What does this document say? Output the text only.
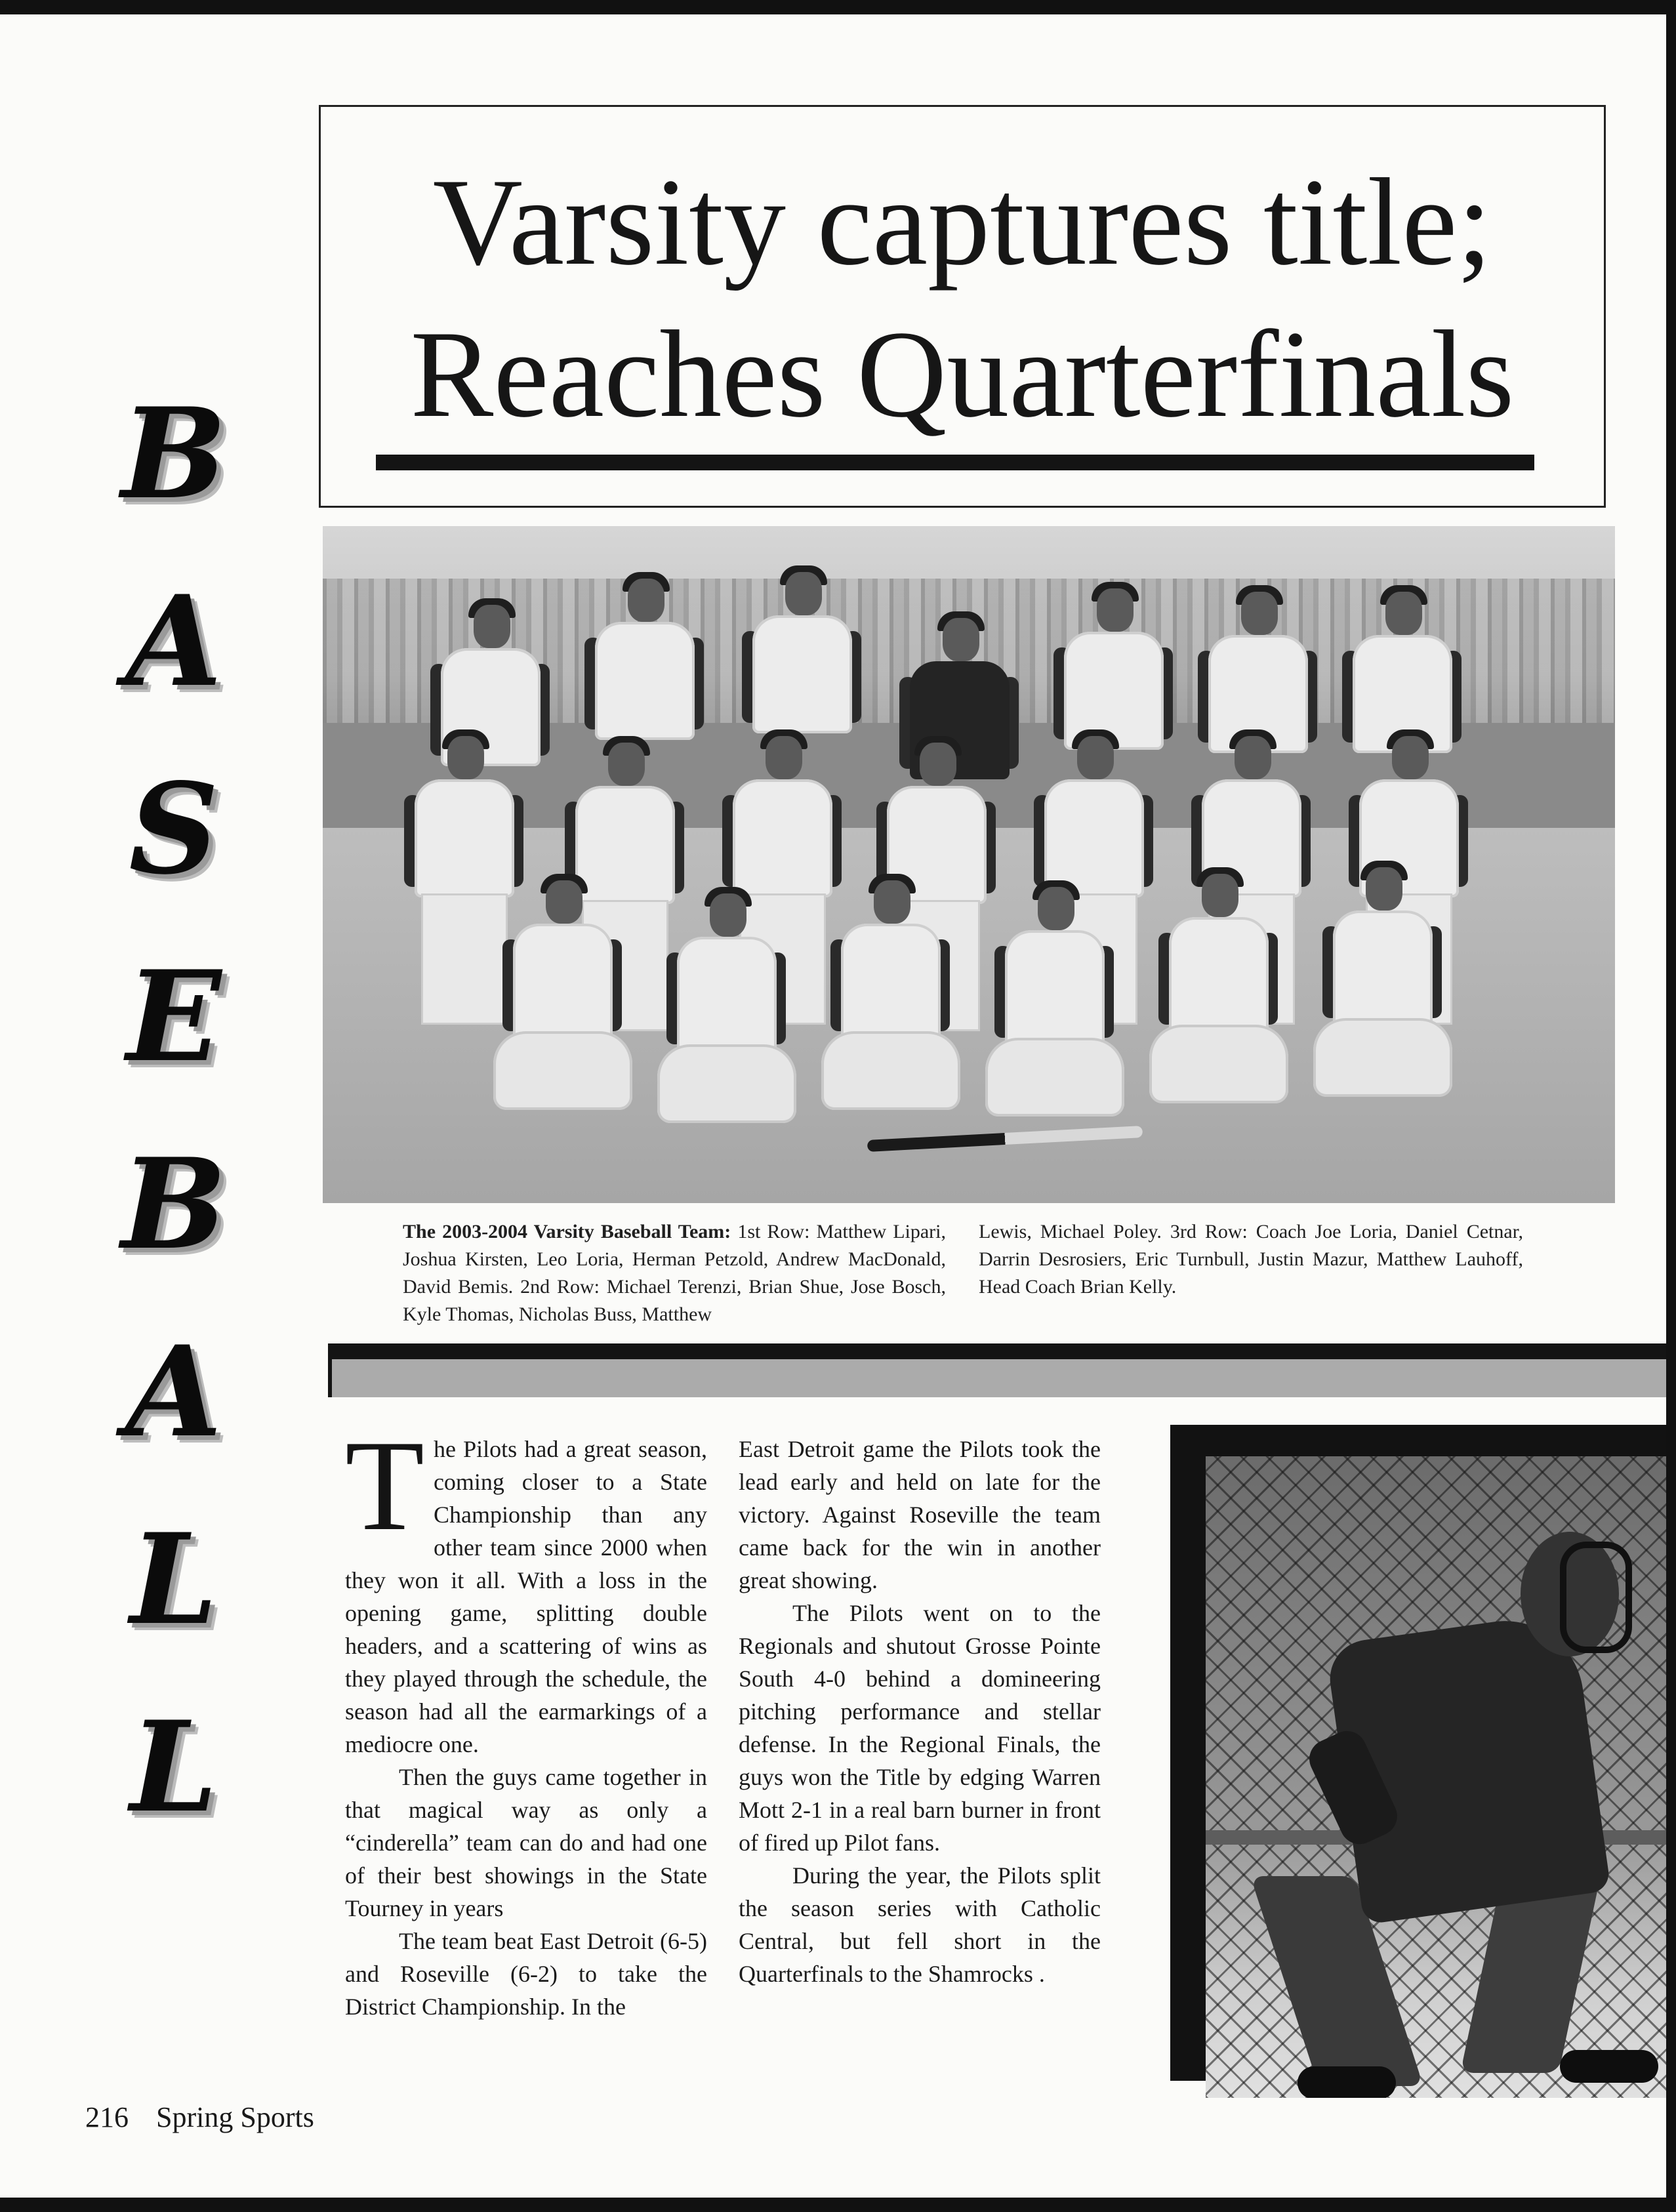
B
A
S
E
B
A
L
L
Varsity captures title;
Reaches Quarterfinals
The 2003-2004 Varsity Baseball Team: 1st Row: Matthew Lipari, Joshua Kirsten, Leo Loria, Herman Petzold, Andrew MacDonald, David Bemis. 2nd Row: Michael Terenzi, Brian Shue, Jose Bosch, Kyle Thomas, Nicholas Buss, Matthew
Lewis, Michael Poley. 3rd Row: Coach Joe Loria, Daniel Cetnar, Darrin Desrosiers, Eric Turnbull, Justin Mazur, Matthew Lauhoff, Head Coach Brian Kelly.

The Pilots had a great season, coming closer to a State Championship than any other team since 2000 when they won it all. With a loss in the opening game, splitting double headers, and a scattering of wins as they played through the schedule, the season had all the earmarkings of a mediocre one.

Then the guys came together in that magical way as only a “cinderella” team can do and had one of their best showings in the State Tourney in years

The team beat East Detroit (6-5) and Roseville (6-2) to take the District Championship. In the

East Detroit game the Pilots took the lead early and held on late for the victory. Against Roseville the team came back for the win in another great showing.

The Pilots went on to the Regionals and shutout Grosse Pointe South 4-0 behind a domineering pitching performance and stellar defense. In the Regional Finals, the guys won the Title by edging Warren Mott 2-1 in a real barn burner in front of fired up Pilot fans.

During the year, the Pilots split the season series with Catholic Central, but fell short in the Quarterfinals to the Shamrocks .

216 Spring Sports
